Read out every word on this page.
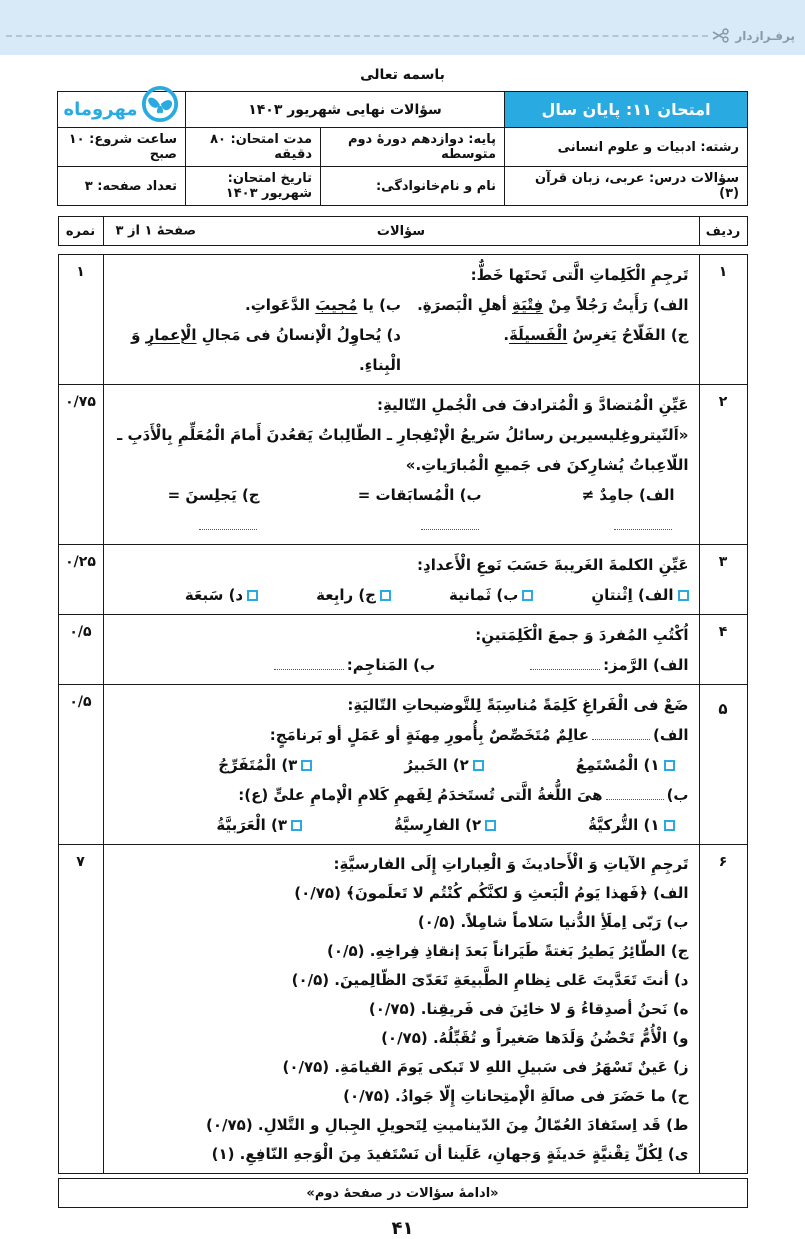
پرفـرازدار
باسمه تعالی
امتحان ۱۱: پایان سال	سؤالات نهایی شهریور ۱۴۰۳		مهروماه

رشته: ادبیات و علوم انسانی	پایه: دوازدهم دورهٔ دوم متوسطه	مدت امتحان: ۸۰ دقیقه	ساعت شروع: ۱۰ صبح
سؤالات درس: عربی، زبان قرآن (۳)	نام و نام‌خانوادگی:	تاریخ امتحان: شهریور ۱۴۰۳	تعداد صفحه: ۳
ردیف	سؤالات
صفحهٔ ۱ از ۳
	نمره
۱	تَرجِمِ الْکَلِماتِ الَّتی تَحتَها خَطٌّ:
الف) رَأَیتُ رَجُلاً مِنْ فِتْیَةِ أهلِ الْبَصرَةِ.
ب) یا مُجیبَ الدَّعَواتِ.
ج) الفَلّاحُ یَغرِسُ الْفَسیلَةَ.
د) یُحاوِلُ الْإنسانُ فی مَجالِ الْإعمارِ وَ الْبِناءِ.	۱
۲	عَیِّنِ الْمُتضادَّ وَ الْمُترادفَ فی الْجُملِ التّالیةِ:
«اَلنّیتروغِلیسیرین رسائلُ سَریعُ الْإنْفِجارِ ـ الطّالِباتُ یَقعُدنَ أَمامَ الْمُعَلِّمِ بِالْأَدَبِ ـ اللّاعِباتُ یُشارِکنَ فی جَمیعِ الْمُبارَیاتِ.»
الف) جامِدٌ ≠
ب) الْمُسابَقات =
ج) یَجلِسنَ =	۰/۷۵
۳	عَیِّنِ الکلمةَ الغَریبةَ حَسَبَ نَوعِ الْأَعدادِ:
الف) اِثْنتانِ
ب) ثَمانیة
ج) رابِعة
د) سَبعَة	۰/۲۵
۴	اُکْتُبِ المُفردَ وَ جمعَ الْکَلِمَتینِ:
الف) الرَّمز:
ب) المَناجِم:	۰/۵
۵	
ضَعْ فی الْفَراغِ کَلِمَةً مُناسِبَةً لِلتَّوضیحاتِ التّالیَةِ:
الف)عالِمٌ مُتَخَصِّصٌ بِأُمورِ مِهنَةٍ أو عَمَلٍ أو بَرنامَجٍ:
۱) الْمُسْتَمِعُ
۲) الخَبیرُ
۳) الْمُتَفَرِّجُ
ب)هیَ اللُّغةُ الَّتی تُستَخدَمُ لِفَهمِ کَلامِ الْإمامِ علیٍّ (ع):
۱) التُّرکیَّةُ
۲) الفارِسیَّةُ
۳) الْعَرَبیَّةُ
	۰/۵
۶	
تَرجِمِ الآیاتِ وَ الْأَحادیثَ وَ الْعِباراتِ إِلَی الفارسیَّةِ:
الف) ﴿فَهذا یَومُ الْبَعثِ وَ لکنَّکُم کُنْتُم لا تَعلَمونَ﴾ (۰/۷۵)
ب) رَبّی اِملَأِ الدُّنیا سَلاماً شامِلاً. (۰/۵)
ج) الطّائِرُ یَطیرُ بَغتةً طَیَراناً بَعدَ إنقاذِ فِراخِهِ. (۰/۵)
د) أنتَ تَعَدَّیتَ عَلی نِظامِ الطَّبیعَةِ تَعَدّیَ الظّالِمینَ. (۰/۵)
ه) نَحنُ أصدِقاءُ وَ لا خائِنَ فی فَریقِنا. (۰/۷۵)
و) الْأُمُّ تَحْضُنُ وَلَدَها صَغیراً و تُقَبِّلُهُ. (۰/۷۵)
ز) عَینٌ تَسْهَرُ فی سَبیلِ اللهِ لا تَبکی یَومَ القیامَةِ. (۰/۷۵)
ح) ما حَضَرَ فی صالَةِ الْإمتِحاناتِ إِلّا جَوادُ. (۰/۷۵)
ط) قَد اِستَفادَ العُمّالُ مِنَ الدّینامیتِ لِتَحویلِ الجِبالِ و التَّلالِ. (۰/۷۵)
ی) لِکُلِّ تِقْنیَّةٍ حَدیثَةٍ وَجهانِ، عَلَینا أن نَسْتَفیدَ مِنَ الْوَجهِ النّافِعِ. (۱)
	۷
«ادامهٔ سؤالات در صفحهٔ دوم»
۴۱
